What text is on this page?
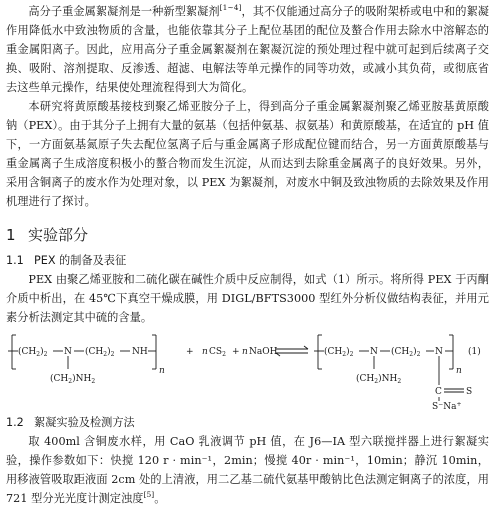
高分子重金属絮凝剂是一种新型絮凝剂[1~4]，其不仅能通过高分子的吸附架桥或电中和的絮凝作用降低水中致浊物质的含量，也能依靠其分子上配位基团的配位及螯合作用去除水中溶解态的重金属阳离子。因此，应用高分子重金属絮凝剂在絮凝沉淀的预处理过程中就可起到后续离子交换、吸附、溶剂提取、反渗透、超滤、电解法等单元操作的同等功效，或减小其负荷，或彻底省去这些单元操作，结果使处理流程得到大为简化。

本研究将黄原酸基接枝到聚乙烯亚胺分子上，得到高分子重金属絮凝剂聚乙烯亚胺基黄原酸钠（PEX）。由于其分子上拥有大量的氨基（包括仲氨基、叔氨基）和黄原酸基，在适宜的 pH 值下，一方面氨基氮原子失去配位氢离子后与重金属离子形成配位键而结合，另一方面黄原酸基与重金属离子生成溶度积极小的螯合物而发生沉淀，从而达到去除重金属离子的良好效果。另外，采用含铜离子的废水作为处理对象，以 PEX 为絮凝剂，对废水中铜及致浊物质的去除效果及作用机理进行了探讨。

1 实验部分
1.1 PEX 的制备及表征

PEX 由聚乙烯亚胺和二硫化碳在碱性介质中反应制得，如式（1）所示。将所得 PEX 于丙酮介质中析出，在 45℃下真空干燥成膜，用 DIGL/BFTS3000 型红外分析仪做结构表征，并用元素分析法测定其中硫的含量。

$(CH_2)_2$ N $(CH_2)_2$ NH
n
$(CH_2)NH_2$
+ n $CS_2 + n$ NaOH	$(CH_2)_2$ N $(CH_2)_2$ N
n
(1)
$(CH_2)NH_2$
C	S
S−Na+
1.2 絮凝实验及检测方法

取 400ml 含铜废水样，用 CaO 乳液调节 pH 值，在 J6—IA 型六联搅拌器上进行絮凝实验，操作参数如下：快搅 120 r · min⁻¹，2min；慢搅 40r · min⁻¹，10min；静沉 10min，用移液管吸取距液面 2cm 处的上清液，用二乙基二硫代氨基甲酸钠比色法测定铜离子的浓度，用 721 型分光光度计测定浊度[5]。
